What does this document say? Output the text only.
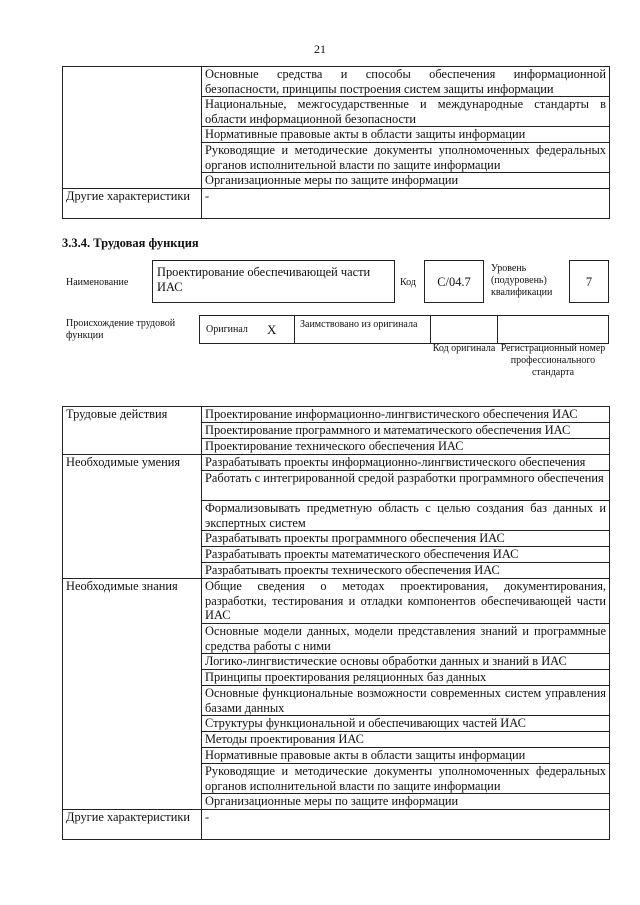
21
	Основные средства и способы обеспечения информационной безопасности, принципы построения систем защиты информации
	Национальные, межгосударственные и международные стандарты в области информационной безопасности
	Нормативные правовые акты в области защиты информации
	Руководящие и методические документы уполномоченных федеральных органов исполнительной власти по защите информации
	Организационные меры по защите информации
Другие характеристики	-
3.3.4. Трудовая функция
Наименование
Проектирование обеспечивающей части ИАС	Код	С/04.7
Уровень (подуровень) квалификации
7
Происхождение трудовой функции
Оригинал X Заимствовано из оригинала
Код оригинала Регистрационный номер профессионального стандарта
Трудовые действия	Проектирование информационно-лингвистического обеспечения ИАС
	Проектирование программного и математического обеспечения ИАС
	Проектирование технического обеспечения ИАС
Необходимые умения	Разрабатывать проекты информационно-лингвистического обеспечения
	Работать с интегрированной средой разработки программного обеспечения
	Формализовывать предметную область с целью создания баз данных и экспертных систем
	Разрабатывать проекты программного обеспечения ИАС
	Разрабатывать проекты математического обеспечения ИАС
	Разрабатывать проекты технического обеспечения ИАС
Необходимые знания	Общие сведения о методах проектирования, документирования, разработки, тестирования и отладки компонентов обеспечивающей части ИАС
	Основные модели данных, модели представления знаний и программные средства работы с ними
	Логико-лингвистические основы обработки данных и знаний в ИАС
	Принципы проектирования реляционных баз данных
	Основные функциональные возможности современных систем управления базами данных
	Структуры функциональной и обеспечивающих частей ИАС
	Методы проектирования ИАС
	Нормативные правовые акты в области защиты информации
	Руководящие и методические документы уполномоченных федеральных органов исполнительной власти по защите информации
	Организационные меры по защите информации
Другие характеристики	-
